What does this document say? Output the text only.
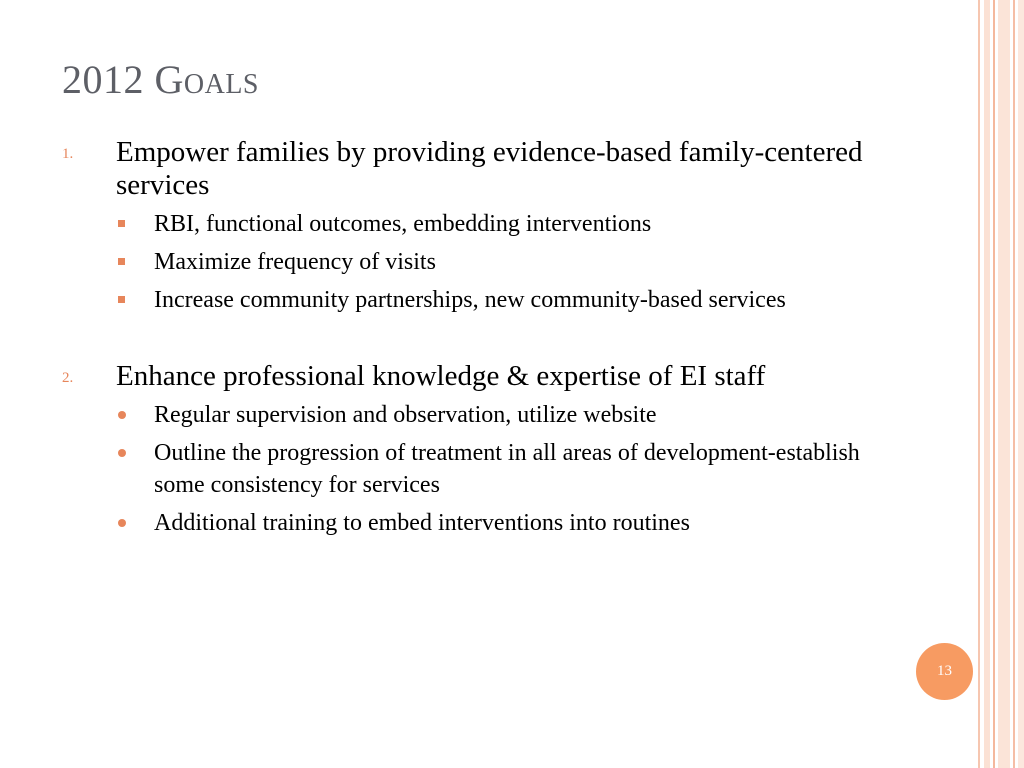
2012 Goals
1. Empower families by providing evidence-based family-centered services

RBI, functional outcomes, embedding interventions
Maximize frequency of visits
Increase community partnerships, new community-based services
2. Enhance professional knowledge & expertise of EI staff

Regular supervision and observation, utilize website
Outline the progression of treatment in all areas of development-establish some consistency for services
Additional training to embed interventions into routines
13
